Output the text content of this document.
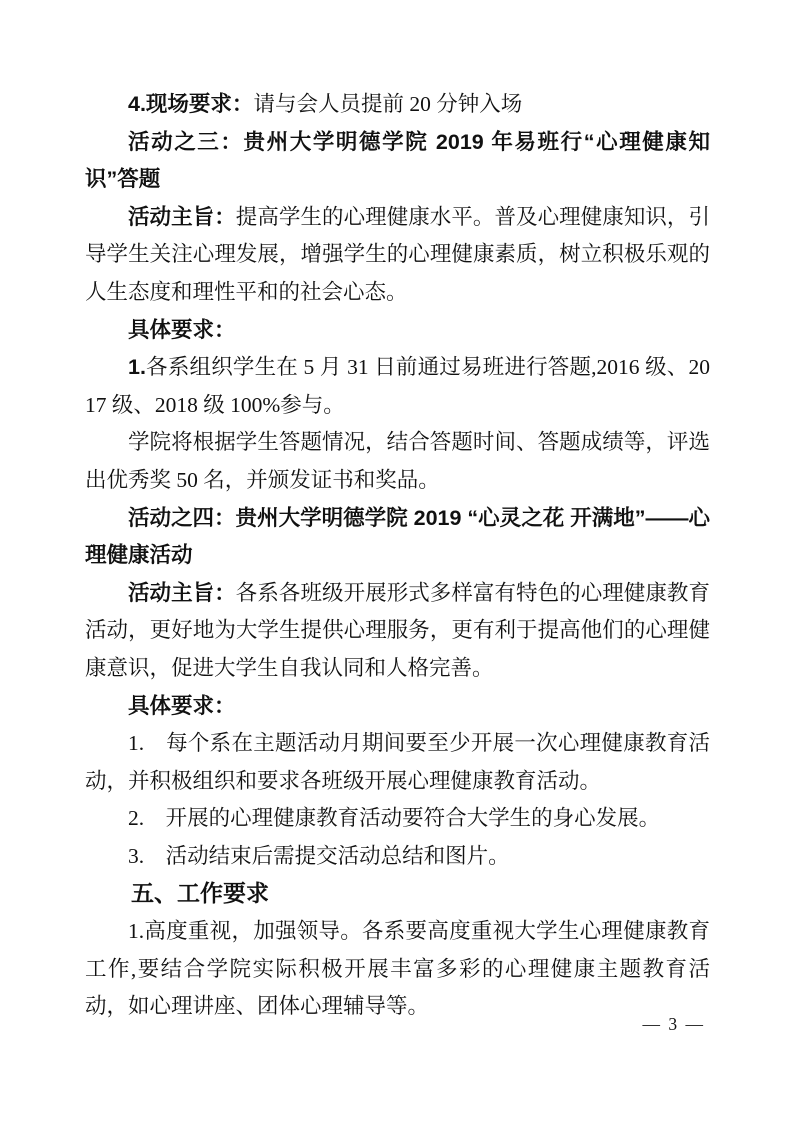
4.现场要求：请与会人员提前 20 分钟入场

活动之三：贵州大学明德学院 2019 年易班行“心理健康知识”答题

活动主旨：提高学生的心理健康水平。普及心理健康知识，引导学生关注心理发展，增强学生的心理健康素质，树立积极乐观的人生态度和理性平和的社会心态。

具体要求：

1.各系组织学生在 5 月 31 日前通过易班进行答题,2016 级、2017 级、2018 级 100%参与。

学院将根据学生答题情况，结合答题时间、答题成绩等，评选出优秀奖 50 名，并颁发证书和奖品。

活动之四：贵州大学明德学院 2019 “心灵之花 开满地”——心理健康活动

活动主旨：各系各班级开展形式多样富有特色的心理健康教育活动，更好地为大学生提供心理服务，更有利于提高他们的心理健康意识，促进大学生自我认同和人格完善。

具体要求：

1.　每个系在主题活动月期间要至少开展一次心理健康教育活动，并积极组织和要求各班级开展心理健康教育活动。

2.　开展的心理健康教育活动要符合大学生的身心发展。

3.　活动结束后需提交活动总结和图片。

五、工作要求

1.高度重视，加强领导。各系要高度重视大学生心理健康教育工作,要结合学院实际积极开展丰富多彩的心理健康主题教育活动，如心理讲座、团体心理辅导等。

— 3 —
